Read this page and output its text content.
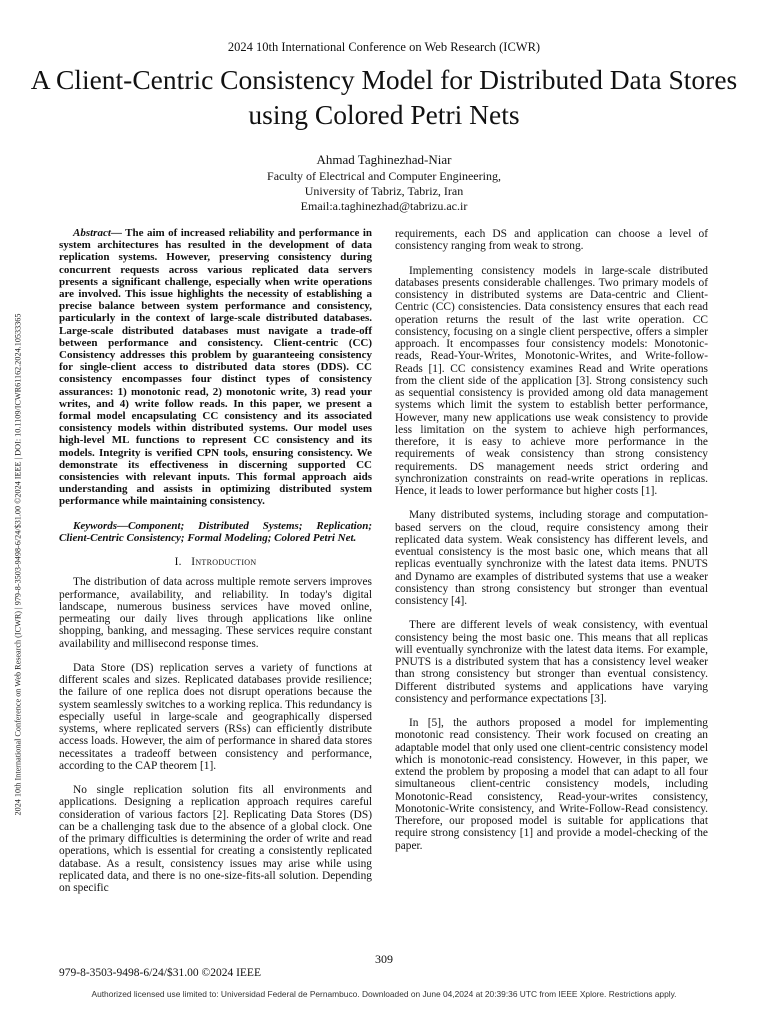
2024 10th International Conference on Web Research (ICWR)
A Client-Centric Consistency Model for Distributed Data Stores using Colored Petri Nets
Ahmad Taghinezhad-Niar
Faculty of Electrical and Computer Engineering,
University of Tabriz, Tabriz, Iran
Email:a.taghinezhad@tabrizu.ac.ir
2024 10th International Conference on Web Research (ICWR) | 979-8-3503-9498-6/24/$31.00 ©2024 IEEE | DOI: 10.1109/ICWR61162.2024.10533365

Abstract— The aim of increased reliability and performance in system architectures has resulted in the development of data replication systems. However, preserving consistency during concurrent requests across various replicated data servers presents a significant challenge, especially when write operations are involved. This issue highlights the necessity of establishing a precise balance between system performance and consistency, particularly in the context of large-scale distributed databases. Large-scale distributed databases must navigate a trade-off between performance and consistency. Client-centric (CC) Consistency addresses this problem by guaranteeing consistency for single-client access to distributed data stores (DDS). CC consistency encompasses four distinct types of consistency assurances: 1) monotonic read, 2) monotonic write, 3) read your writes, and 4) write follow reads. In this paper, we present a formal model encapsulating CC consistency and its associated consistency models within distributed systems. Our model uses high-level ML functions to represent CC consistency and its models. Integrity is verified CPN tools, ensuring consistency. We demonstrate its effectiveness in discerning supported CC consistencies with relevant inputs. This formal approach aids understanding and assists in optimizing distributed system performance while maintaining consistency.

Keywords—Component; Distributed Systems; Replication; Client-Centric Consistency; Formal Modeling; Colored Petri Net.

I. Introduction

The distribution of data across multiple remote servers improves performance, availability, and reliability. In today's digital landscape, numerous business services have moved online, permeating our daily lives through applications like online shopping, banking, and messaging. These services require constant availability and millisecond response times.

Data Store (DS) replication serves a variety of functions at different scales and sizes. Replicated databases provide resilience; the failure of one replica does not disrupt operations because the system seamlessly switches to a working replica. This redundancy is especially useful in large-scale and geographically dispersed systems, where replicated servers (RSs) can efficiently distribute access loads. However, the aim of performance in shared data stores necessitates a tradeoff between consistency and performance, according to the CAP theorem [1].

No single replication solution fits all environments and applications. Designing a replication approach requires careful consideration of various factors [2]. Replicating Data Stores (DS) can be a challenging task due to the absence of a global clock. One of the primary difficulties is determining the order of write and read operations, which is essential for creating a consistently replicated database. As a result, consistency issues may arise while using replicated data, and there is no one-size-fits-all solution. Depending on specific

requirements, each DS and application can choose a level of consistency ranging from weak to strong.

Implementing consistency models in large-scale distributed databases presents considerable challenges. Two primary models of consistency in distributed systems are Data-centric and Client-Centric (CC) consistencies. Data consistency ensures that each read operation returns the result of the last write operation. CC consistency, focusing on a single client perspective, offers a simpler approach. It encompasses four consistency models: Monotonic-reads, Read-Your-Writes, Monotonic-Writes, and Write-follow-Reads [1]. CC consistency examines Read and Write operations from the client side of the application [3]. Strong consistency such as sequential consistency is provided among old data management systems which limit the system to establish better performance, However, many new applications use weak consistency to provide less limitation on the system to achieve high performances, therefore, it is easy to achieve more performance in the requirements of weak consistency than strong consistency requirements. DS management needs strict ordering and synchronization constraints on read-write operations in replicas. Hence, it leads to lower performance but higher costs [1].

Many distributed systems, including storage and computation-based servers on the cloud, require consistency among their replicated data system. Weak consistency has different levels, and eventual consistency is the most basic one, which means that all replicas eventually synchronize with the latest data items. PNUTS and Dynamo are examples of distributed systems that use a weaker consistency than strong consistency but stronger than eventual consistency [4].

There are different levels of weak consistency, with eventual consistency being the most basic one. This means that all replicas will eventually synchronize with the latest data items. For example, PNUTS is a distributed system that has a consistency level weaker than strong consistency but stronger than eventual consistency. Different distributed systems and applications have varying consistency and performance expectations [3].

In [5], the authors proposed a model for implementing monotonic read consistency. Their work focused on creating an adaptable model that only used one client-centric consistency model which is monotonic-read consistency. However, in this paper, we extend the problem by proposing a model that can adapt to all four simultaneous client-centric consistency models, including Monotonic-Read consistency, Read-your-writes consistency, Monotonic-Write consistency, and Write-Follow-Read consistency. Therefore, our proposed model is suitable for applications that require strong consistency [1] and provide a model-checking of the paper.

309
979-8-3503-9498-6/24/$31.00 ©2024 IEEE
Authorized licensed use limited to: Universidad Federal de Pernambuco. Downloaded on June 04,2024 at 20:39:36 UTC from IEEE Xplore. Restrictions apply.
